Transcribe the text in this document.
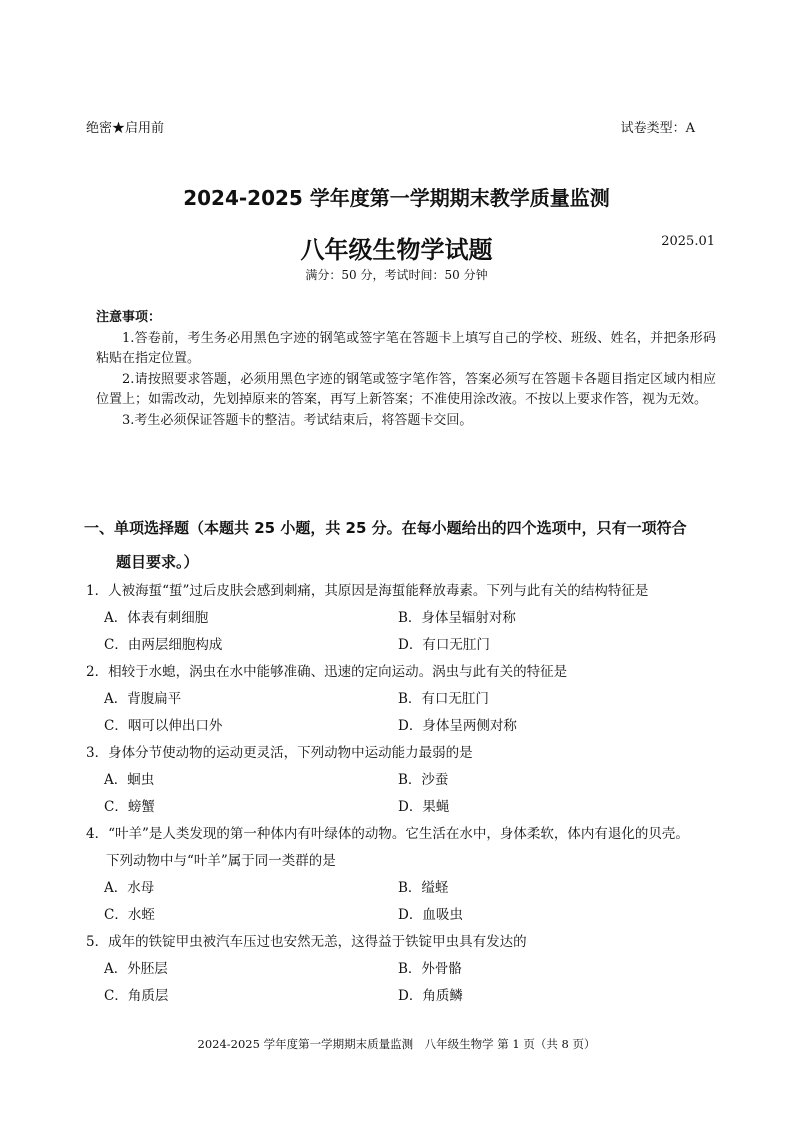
绝密★启用前	试卷类型：A
2024-2025 学年度第一学期期末教学质量监测
八年级生物学试题	2025.01
满分：50 分，考试时间：50 分钟
注意事项：

1.答卷前，考生务必用黑色字迹的钢笔或签字笔在答题卡上填写自己的学校、班级、姓名，并把条形码粘贴在指定位置。

2.请按照要求答题，必须用黑色字迹的钢笔或签字笔作答，答案必须写在答题卡各题目指定区域内相应位置上；如需改动，先划掉原来的答案，再写上新答案；不准使用涂改液。不按以上要求作答，视为无效。

3.考生必须保证答题卡的整洁。考试结束后，将答题卡交回。

一、单项选择题（本题共 25 小题，共 25 分。在每小题给出的四个选项中，只有一项符合
题目要求。）
1．人被海蜇“蜇”过后皮肤会感到刺痛，其原因是海蜇能释放毒素。下列与此有关的结构特征是
A．体表有刺细胞	B．身体呈辐射对称
C．由两层细胞构成	D．有口无肛门
2．相较于水螅，涡虫在水中能够准确、迅速的定向运动。涡虫与此有关的特征是
A．背腹扁平	B．有口无肛门
C．咽可以伸出口外	D．身体呈两侧对称
3．身体分节使动物的运动更灵活，下列动物中运动能力最弱的是
A．蛔虫	B．沙蚕
C．螃蟹	D．果蝇
4．“叶羊”是人类发现的第一种体内有叶绿体的动物。它生活在水中，身体柔软，体内有退化的贝壳。
下列动物中与“叶羊”属于同一类群的是
A．水母	B．缢蛏
C．水蛭	D．血吸虫
5．成年的铁锭甲虫被汽车压过也安然无恙，这得益于铁锭甲虫具有发达的
A．外胚层	B．外骨骼
C．角质层	D．角质鳞
2024-2025 学年度第一学期期末质量监测　八年级生物学 第 1 页（共 8 页）
